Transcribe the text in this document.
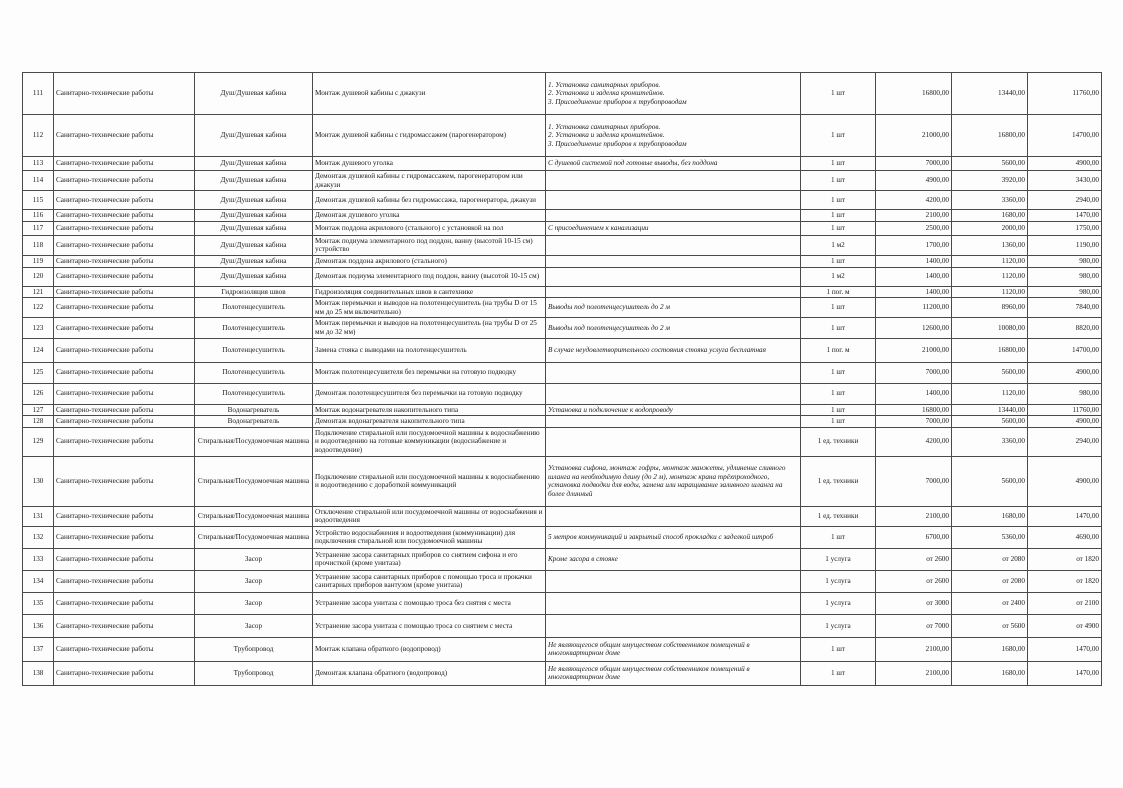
111	Санитарно-технические работы	Душ/Душевая кабина	Монтаж душевой кабины с джакузи	1. Установка санитарных приборов.
2. Установка и заделка кронштейнов.
3. Присоединение приборов к трубопроводам	1 шт	16800,00	13440,00	11760,00
112	Санитарно-технические работы	Душ/Душевая кабина	Монтаж душевой кабины с гидромассажем (парогенератором)	1. Установка санитарных приборов.
2. Установка и заделка кронштейнов.
3. Присоединение приборов к трубопроводам	1 шт	21000,00	16800,00	14700,00
113	Санитарно-технические работы	Душ/Душевая кабина	Монтаж душевого уголка	С душевой системой под готовые выводы, без поддона	1 шт	7000,00	5600,00	4900,00
114	Санитарно-технические работы	Душ/Душевая кабина	Демонтаж душевой кабины с гидромассажем, парогенератором или джакузи		1 шт	4900,00	3920,00	3430,00
115	Санитарно-технические работы	Душ/Душевая кабина	Демонтаж душевой кабины без гидромассажа, парогенератора, джакузи		1 шт	4200,00	3360,00	2940,00
116	Санитарно-технические работы	Душ/Душевая кабина	Демонтаж душевого уголка		1 шт	2100,00	1680,00	1470,00
117	Санитарно-технические работы	Душ/Душевая кабина	Монтаж поддона акрилового (стального) с установкой на пол	С присоединением к канализации	1 шт	2500,00	2000,00	1750,00
118	Санитарно-технические работы	Душ/Душевая кабина	Монтаж подиума элементарного под поддон, ванну (высотой 10-15 см) устройство		1 м2	1700,00	1360,00	1190,00
119	Санитарно-технические работы	Душ/Душевая кабина	Демонтаж поддона акрилового (стального)		1 шт	1400,00	1120,00	980,00
120	Санитарно-технические работы	Душ/Душевая кабина	Демонтаж подиума элементарного под поддон, ванну (высотой 10-15 см)		1 м2	1400,00	1120,00	980,00
121	Санитарно-технические работы	Гидроизоляция швов	Гидроизоляция соединительных швов в сантехнике		1 пог. м	1400,00	1120,00	980,00
122	Санитарно-технические работы	Полотенцесушитель	Монтаж перемычки и выводов на полотенцесушитель (на трубы D от 15 мм до 25 мм включительно)	Выводы под полотенцесушитель до 2 м	1 шт	11200,00	8960,00	7840,00
123	Санитарно-технические работы	Полотенцесушитель	Монтаж перемычки и выводов на полотенцесушитель (на трубы D от 25 мм до 32 мм)	Выводы под полотенцесушитель до 2 м	1 шт	12600,00	10080,00	8820,00
124	Санитарно-технические работы	Полотенцесушитель	Замена стояка с выводами на полотенцесушитель	В случае неудовлетворительного состояния стояка услуга бесплатная	1 пог. м	21000,00	16800,00	14700,00
125	Санитарно-технические работы	Полотенцесушитель	Монтаж полотенцесушителя без перемычки на готовую подводку		1 шт	7000,00	5600,00	4900,00
126	Санитарно-технические работы	Полотенцесушитель	Демонтаж полотенцесушителя без перемычки на готовую подводку		1 шт	1400,00	1120,00	980,00
127	Санитарно-технические работы	Водонагреватель	Монтаж водонагревателя накопительного типа	Установка и подключение к водопроводу	1 шт	16800,00	13440,00	11760,00
128	Санитарно-технические работы	Водонагреватель	Демонтаж водонагревателя накопительного типа		1 шт	7000,00	5600,00	4900,00
129	Санитарно-технические работы	Стиральная/Посудомоечная машина	Подключение стиральной или посудомоечной машины к водоснабжению и водоотведению на готовые коммуникации (водоснабжение и водоотведение)		1 ед. техники	4200,00	3360,00	2940,00
130	Санитарно-технические работы	Стиральная/Посудомоечная машина	Подключение стиральной или посудомоечной машины к водоснабжению и водоотведению с доработкой коммуникаций	Установка сифона, монтаж гофры, монтаж манжеты, удлинение сливного шланга на необходимую длину (до 2 м), монтаж крана трёхпроходного, установка подводки для воды, замена или наращивание заливного шланга на более длинный	1 ед. техники	7000,00	5600,00	4900,00
131	Санитарно-технические работы	Стиральная/Посудомоечная машина	Отключение стиральной или посудомоечной машины от водоснабжения и водоотведения		1 ед. техники	2100,00	1680,00	1470,00
132	Санитарно-технические работы	Стиральная/Посудомоечная машина	Устройство водоснабжения и водоотведения (коммуникации) для подключения стиральной или посудомоечной машины	5 метров коммуникаций и закрытый способ прокладки с заделкой штроб	1 шт	6700,00	5360,00	4690,00
133	Санитарно-технические работы	Засор	Устранение засора санитарных приборов со снятием сифона и его прочисткой (кроме унитаза)	Кроме засора в стояке	1 услуга	от 2600	от 2080	от 1820
134	Санитарно-технические работы	Засор	Устранение засора санитарных приборов с помощью троса и прокачки санитарных приборов вантузом (кроме унитаза)		1 услуга	от 2600	от 2080	от 1820
135	Санитарно-технические работы	Засор	Устранение засора унитаза с помощью троса без снятия с места		1 услуга	от 3000	от 2400	от 2100
136	Санитарно-технические работы	Засор	Устранение засора унитаза с помощью троса со снятием с места		1 услуга	от 7000	от 5600	от 4900
137	Санитарно-технические работы	Трубопровод	Монтаж клапана обратного (водопровод)	Не являющегося общим имуществом собственников помещений в многоквартирном доме	1 шт	2100,00	1680,00	1470,00
138	Санитарно-технические работы	Трубопровод	Демонтаж клапана обратного (водопровод)	Не являющегося общим имуществом собственников помещений в многоквартирном доме	1 шт	2100,00	1680,00	1470,00
